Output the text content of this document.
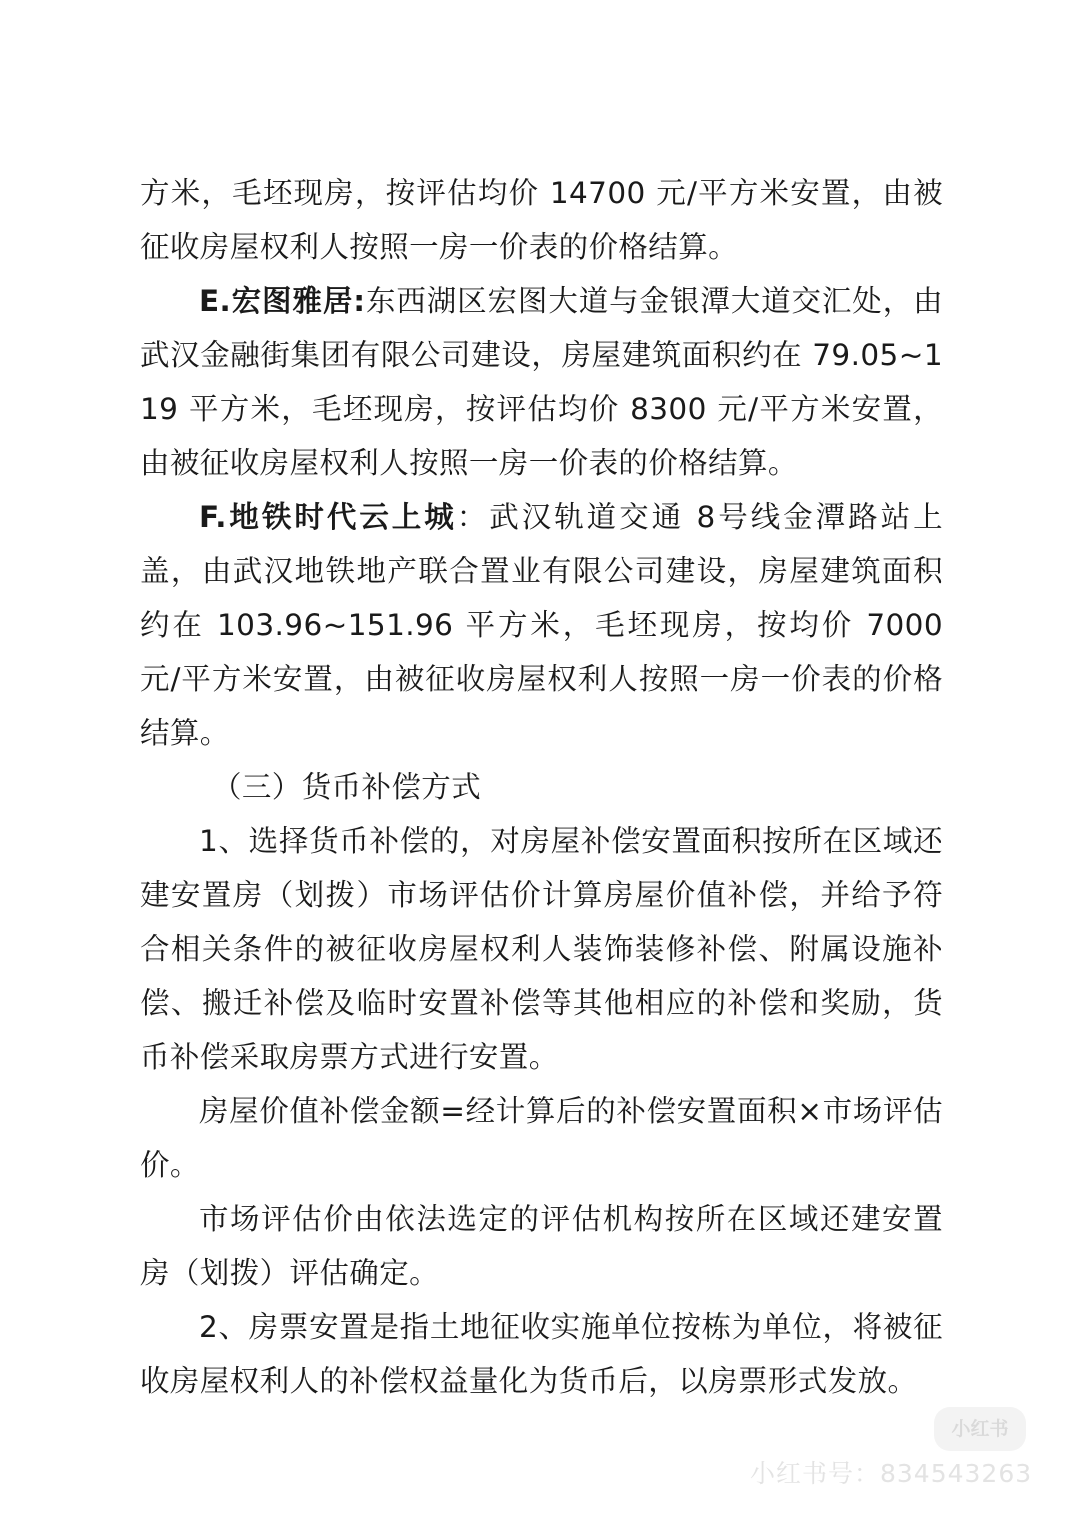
方米，毛坯现房，按评估均价 14700 元/平方米安置，由被征收房屋权利人按照一房一价表的价格结算。

E.宏图雅居:东西湖区宏图大道与金银潭大道交汇处，由武汉金融街集团有限公司建设，房屋建筑面积约在 79.05~119 平方米，毛坯现房，按评估均价 8300 元/平方米安置，由被征收房屋权利人按照一房一价表的价格结算。

F.地铁时代云上城：武汉轨道交通 8号线金潭路站上盖，由武汉地铁地产联合置业有限公司建设，房屋建筑面积约在 103.96~151.96 平方米，毛坯现房，按均价 7000 元/平方米安置，由被征收房屋权利人按照一房一价表的价格结算。

（三）货币补偿方式

1、选择货币补偿的，对房屋补偿安置面积按所在区域还建安置房（划拨）市场评估价计算房屋价值补偿，并给予符合相关条件的被征收房屋权利人装饰装修补偿、附属设施补偿、搬迁补偿及临时安置补偿等其他相应的补偿和奖励，货币补偿采取房票方式进行安置。

房屋价值补偿金额=经计算后的补偿安置面积×市场评估价。

市场评估价由依法选定的评估机构按所在区域还建安置房（划拨）评估确定。

2、房票安置是指土地征收实施单位按栋为单位，将被征收房屋权利人的补偿权益量化为货币后，以房票形式发放。

小红书
小红书号：834543263
